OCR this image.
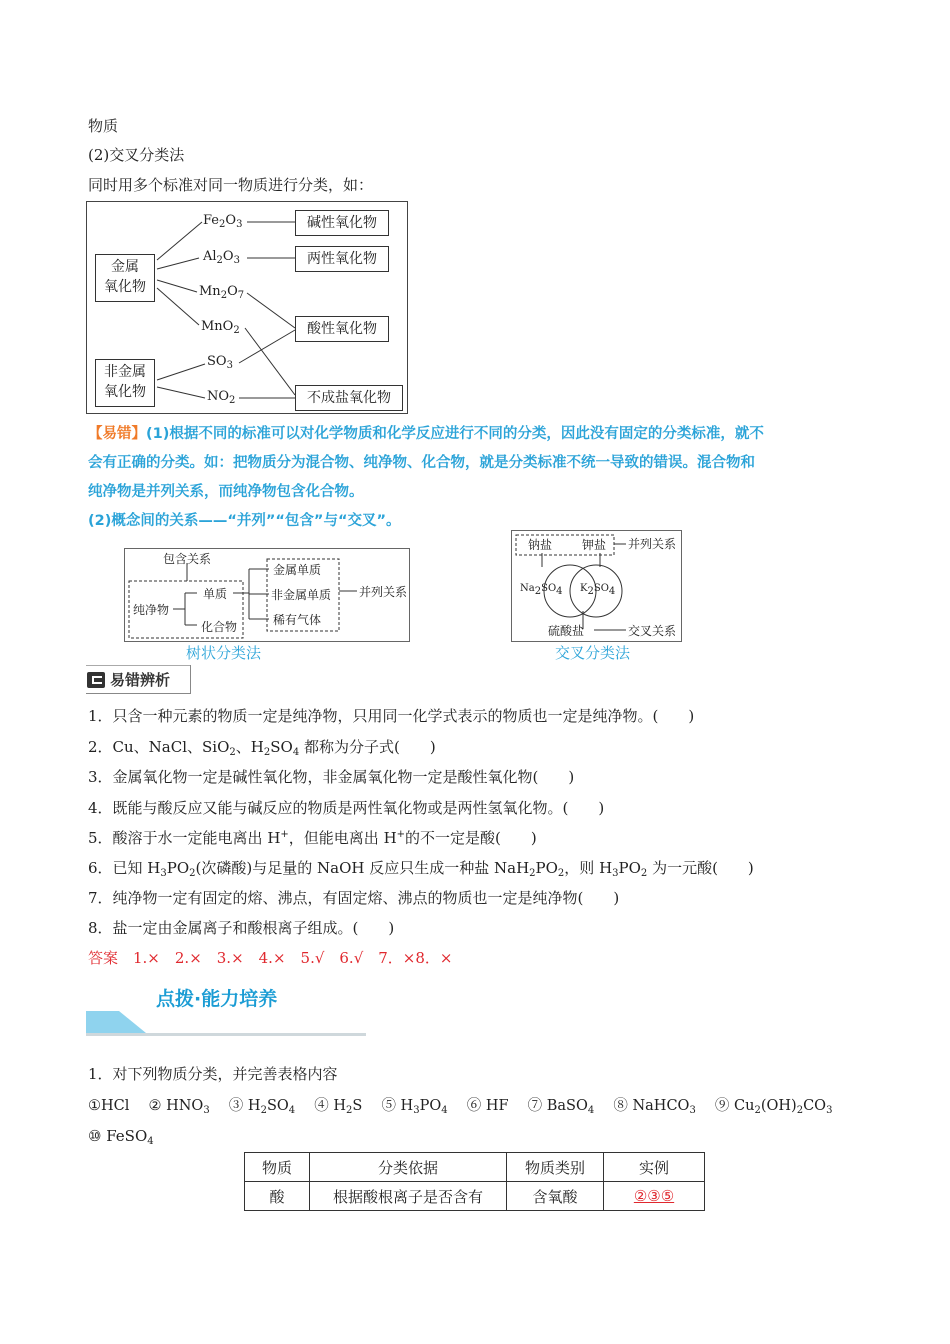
物质
(2)交叉分类法
同时用多个标准对同一物质进行分类，如：
金属
氧化物
非金属
氧化物
$Fe_2O_3$
$Al_2O_3$
$Mn_2O_7$
MnO$_2$
$SO_3$
$NO_2$
碱性氧化物
两性氧化物
酸性氧化物
不成盐氧化物
【易错】(1)根据不同的标准可以对化学物质和化学反应进行不同的分类，因此没有固定的分类标准，就不
会有正确的分类。如：把物质分为混合物、纯净物、化合物，就是分类标准不统一导致的错误。混合物和
纯净物是并列关系，而纯净物包含化合物。
(2)概念间的关系——“并列”“包含”与“交叉”。
包含关系
纯净物
单质
化合物
金属单质
非金属单质
稀有气体
并列关系
树状分类法
钠盐 钾盐 并列关系
$Na_2SO_4$ $K_2SO_4$
硫酸盐	交叉关系
交叉分类法
易错辨析
1．只含一种元素的物质一定是纯净物，只用同一化学式表示的物质也一定是纯净物。(　　)
2．Cu、NaCl、SiO$_2$、$H_2SO_4$ 都称为分子式(　　)
3．金属氧化物一定是碱性氧化物，非金属氧化物一定是酸性氧化物(　　)
4．既能与酸反应又能与碱反应的物质是两性氧化物或是两性氢氧化物。(　　)
5．酸溶于水一定能电离出 H+，但能电离出 H+的不一定是酸(　　)
6．已知 $H_3PO_2$(次磷酸)与足量的 NaOH 反应只生成一种盐 $NaH_2PO_2$，则 $H_3PO_2$ 为一元酸(　　)
7．纯净物一定有固定的熔、沸点，有固定熔、沸点的物质也一定是纯净物(　　)
8．盐一定由金属离子和酸根离子组成。(　　)
答案　1.×　2.×　3.×　4.×　5.√　6.√　7．×8．×
点拨·能力培养
1．对下列物质分类，并完善表格内容
①HCl　 ② $HNO_3$　 ③ $H_2SO_4$　 ④ $H_2S$　 ⑤ $H_3PO_4$　 ⑥ HF　 ⑦ BaSO$_4$　 ⑧ NaHCO$_3$　 ⑨ $Cu_2(OH)_2CO_3$
⑩ FeSO$_4$
物质	分类依据	物质类别	实例
酸	根据酸根离子是否含有	含氧酸	②③⑤
